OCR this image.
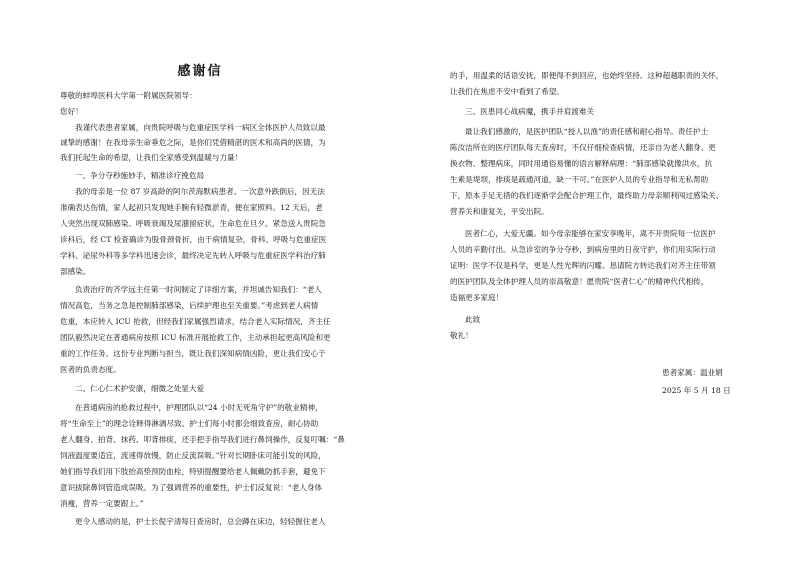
感谢信
尊敬的蚌埠医科大学第一附属医院领导：
您好！
我谨代表患者家属，向贵院呼吸与危重症医学科一病区全体医护人员致以最
诚挚的感谢！在我母亲生命垂危之际，是你们凭借精湛的医术和高尚的医德，为
我们托起生命的希望，让我们全家感受到温暖与力量！
一、争分夺秒施妙手，精准诊疗挽危局
我的母亲是一位 87 岁高龄的阿尔茨海默病患者。一次意外跌倒后，因无法
准确表达伤情，家人起初只发现她手腕有轻微淤青，便在家照料。12 天后，老
人突然出现双肺感染、呼吸衰竭及尿潴留症状，生命危在旦夕。紧急送入贵院急
诊科后，经 CT 检查确诊为股骨颈骨折，由于病情复杂，骨科、呼吸与危重症医
学科、泌尿外科等多学科迅速会诊，最终决定先转入呼吸与危重症医学科治疗肺
部感染。
负责治疗的齐学远主任第一时间制定了详细方案，并坦诚告知我们：“老人
情况高危，当务之急是控制肺部感染，后续护理也至关重要。”考虑到老人病情
危重，本应转入 ICU 抢救，但经我们家属强烈请求，结合老人实际情况，齐主任
团队毅然决定在普通病房按照 ICU 标准开展抢救工作，主动承担起更高风险和更
重的工作任务。这份专业判断与担当，既让我们深知病情凶险，更让我们安心于
医者的负责态度。
二、仁心仁术护安康，细微之处显大爱
在普通病房的抢救过程中，护理团队以“24 小时无死角守护”的敬业精神，
将“生命至上”的理念诠释得淋漓尽致。护士们每小时都会细致查房，耐心协助
老人翻身、拍背、抹药、叩背排痰，还手把手指导我们进行鼻饲操作，反复叮嘱：“鼻
饲液温度要适宜，流速得放慢，防止反流误吸。”针对长期卧床可能引发的风险，
她们指导我们用下肢抬高垫预防血栓，特别提醒要给老人佩戴防抓手套，避免下
意识拔除鼻饲管造成误吸。为了强调营养的重要性，护士们反复说：“老人身体
消瘦，营养一定要跟上。”
更令人感动的是，护士长倪宇清每日查房时，总会蹲在床边，轻轻握住老人
的手，用温柔的话语安抚，即便得不到回应，也始终坚持。这种超越职责的关怀，
让我们在焦虑不安中看到了希望。
三、医患同心战病魔，携手并肩渡难关
最让我们感激的，是医护团队“授人以渔”的责任感和耐心指导。责任护士
陈汝洁所在的医疗团队每天查房时，不仅仔细检查病情，还亲自为老人翻身、更
换衣物、整理病床，同时用通俗易懂的语言解释病理：“肺部感染就像洪水，抗
生素是堤坝，排痰是疏通河道，缺一不可。”在医护人员的专业指导和无私帮助
下，原本手足无措的我们逐渐学会配合护理工作，最终助力母亲顺利闯过感染关、
营养关和康复关，平安出院。
医者仁心，大爱无疆。如今母亲能够在家安享晚年，离不开贵院每一位医护
人员的辛勤付出。从急诊室的争分夺秒，到病房里的日夜守护，你们用实际行动
证明：医学不仅是科学，更是人性光辉的闪耀。恳请院方转达我们对齐主任带领
的医护团队及全体护理人员的崇高敬意！愿贵院“医者仁心”的精神代代相传，
造福更多家庭！
此致
敬礼！
患者家属：温业娟
2025 年 5 月 18 日
